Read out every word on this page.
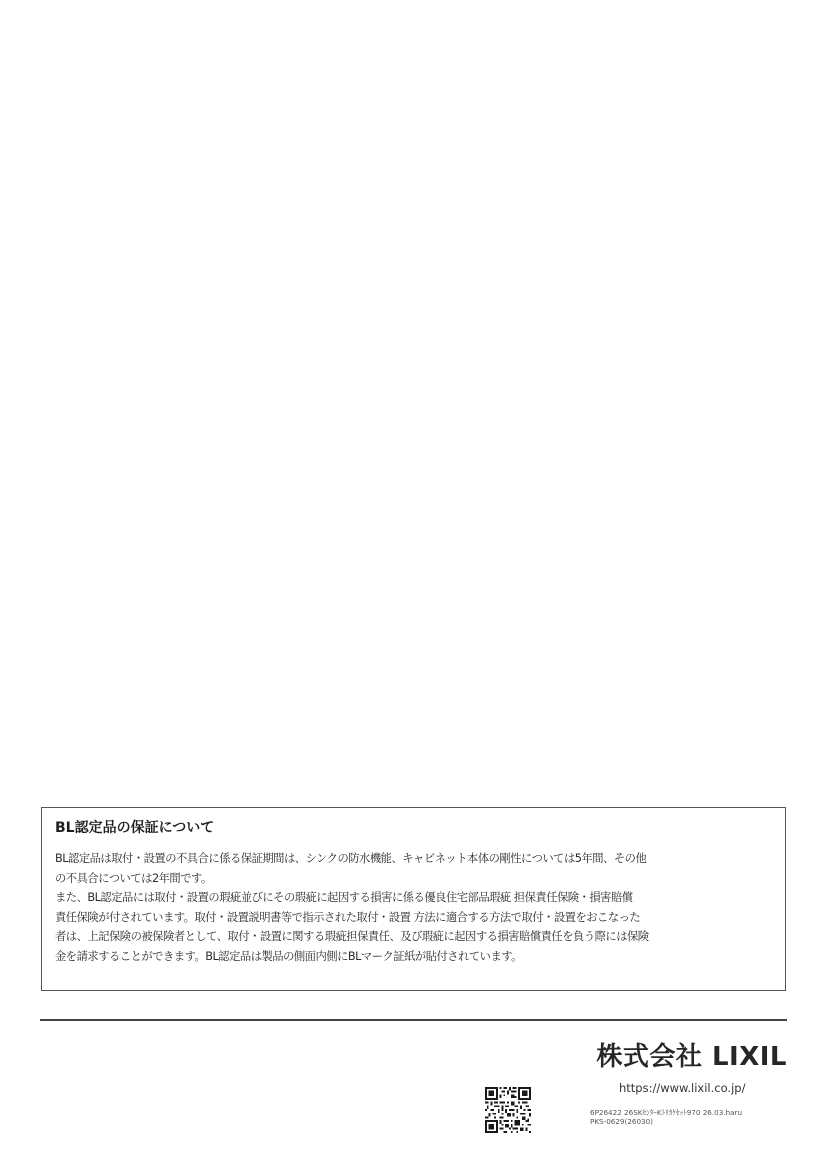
BL認定品の保証について
BL認定品は取付・設置の不具合に係る保証期間は、シンクの防水機能、キャビネット本体の剛性については5年間、その他
の不具合については2年間です。
また、BL認定品には取付・設置の瑕疵並びにその瑕疵に起因する損害に係る優良住宅部品瑕疵 担保責任保険・損害賠償
責任保険が付されています。取付・設置説明書等で指示された取付・設置 方法に適合する方法で取付・設置をおこなった
者は、上記保険の被保険者として、取付・設置に関する瑕疵担保責任、及び瑕疵に起因する損害賠償責任を負う際には保険
金を請求することができます。BL認定品は製品の側面内側にBLマーク証紙が貼付されています。
株式会社 LIXIL
https://www.lixil.co.jp/
6P26422 26SKｾﾝﾀｰKﾄﾘｶｹｾｯﾄ970 26.03.haru
PKS-0629(26030)
